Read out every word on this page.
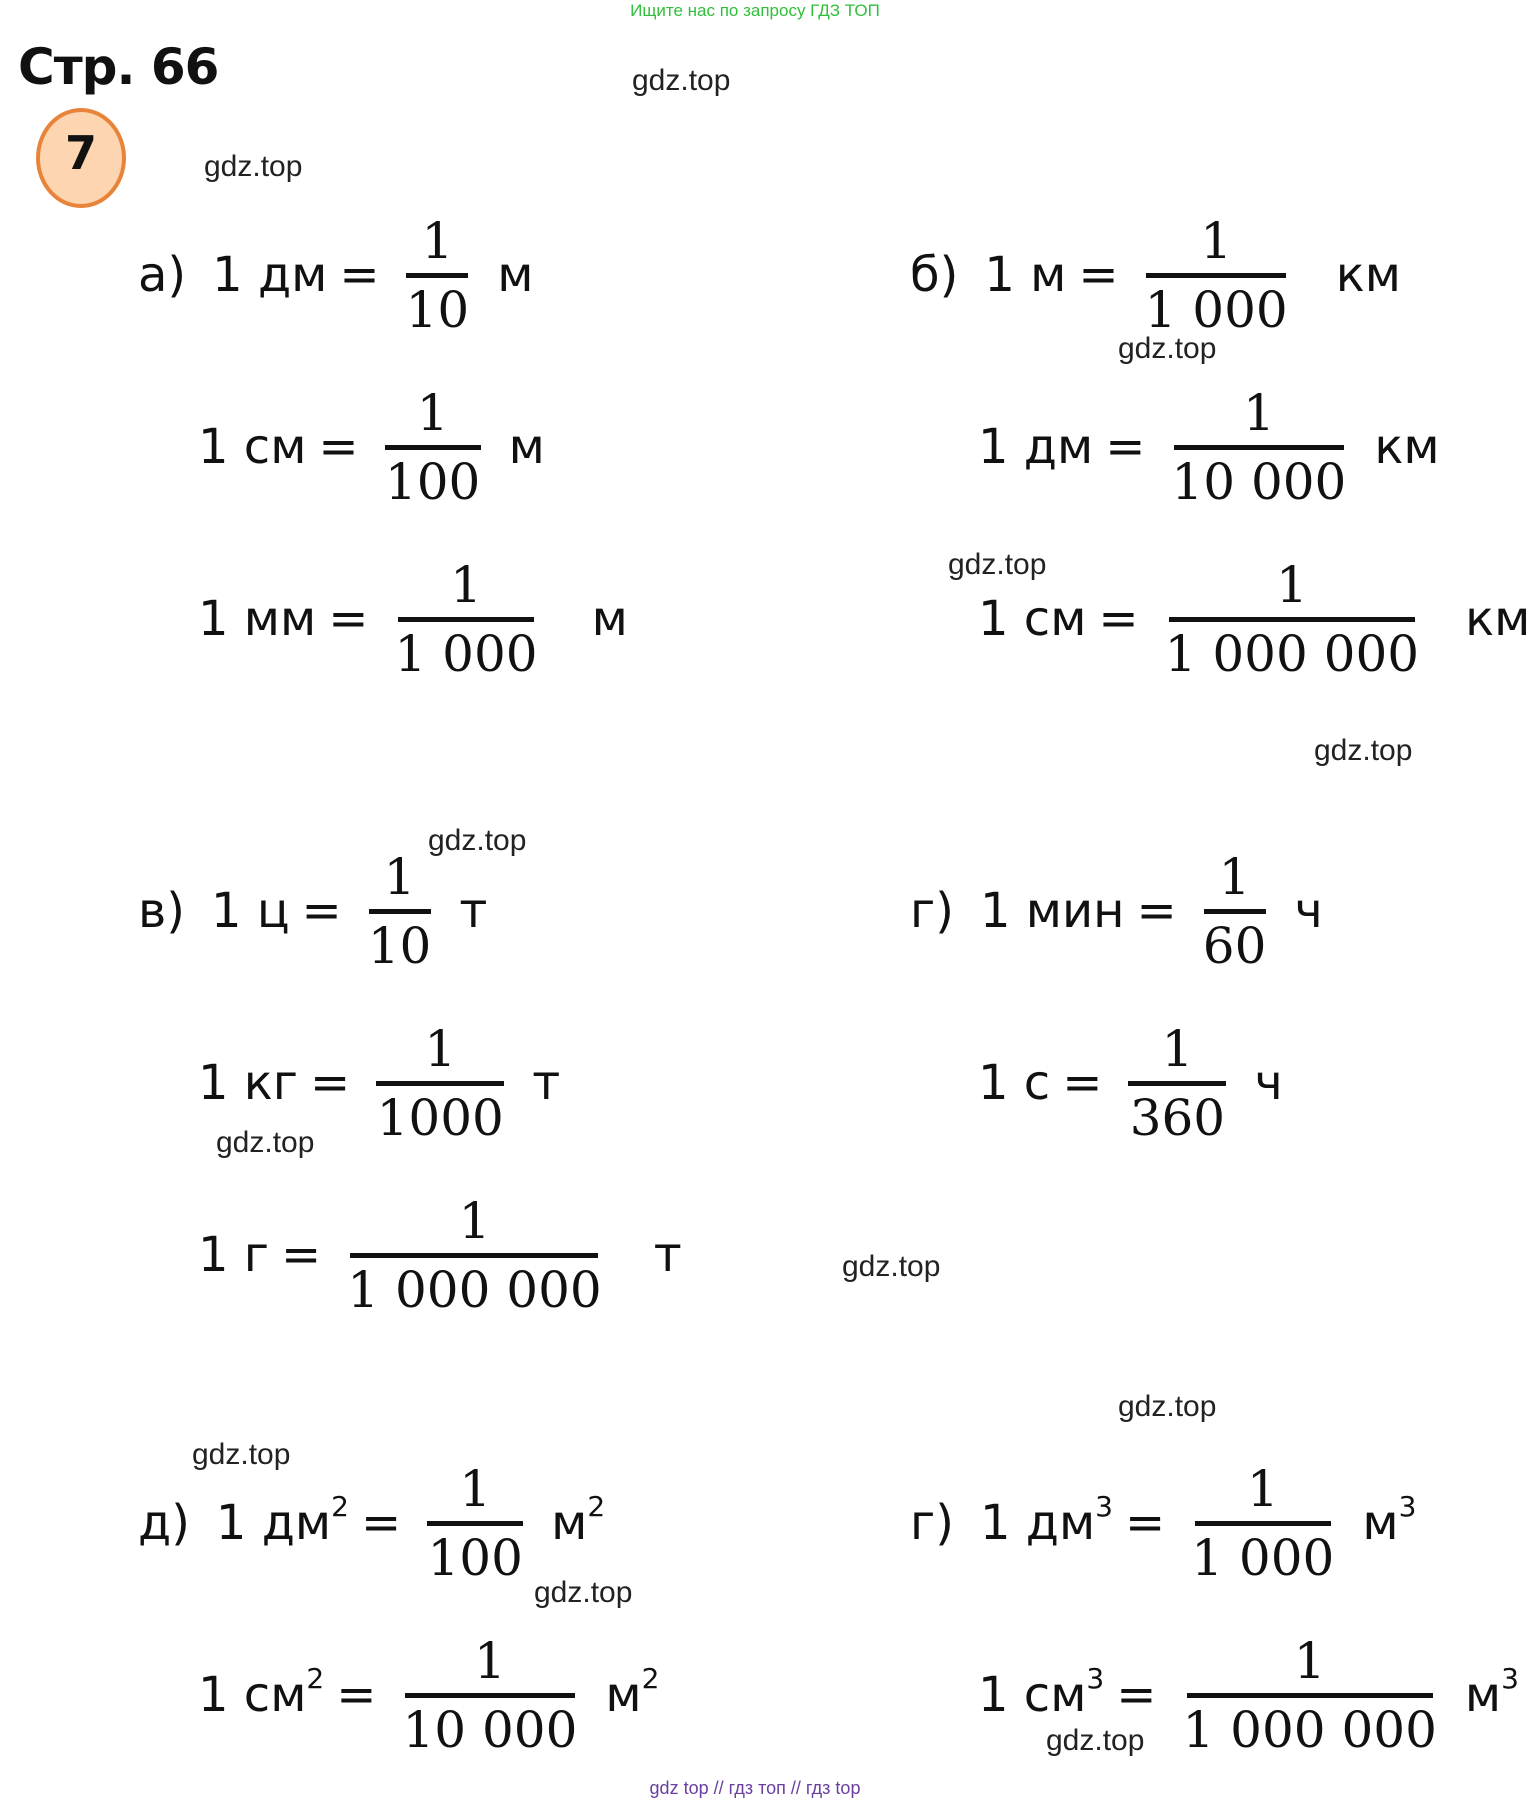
Ищите нас по запросу ГДЗ ТОП
Стр. 66
7
gdz.top
gdz.top
gdz.top
gdz.top
gdz.top
gdz.top
gdz.top
gdz.top
gdz.top
gdz.top
gdz.top
gdz.top
а) 1 дм =
1
10
м
1 см =
1
100
м
1 мм =
1
1 000
м
б) 1 м =
1
1 000
км
1 дм =
1
10 000
км
1 см =
1
1 000 000
км
в) 1 ц =
1
10
т
1 кг =
1
1000
т
1 г =
1
1 000 000
т
г) 1 мин =
1
60
ч
1 с =
1
360
ч
д) 1 $дм^2$ =
1
100
$м^2$
1 $см^2$ =
1
10 000
$м^2$
г) 1 $дм^3$ =
1
1 000
$м^3$
1 $см^3$ =
1
1 000 000
$м^3$
gdz top // гдз топ // гдз top
